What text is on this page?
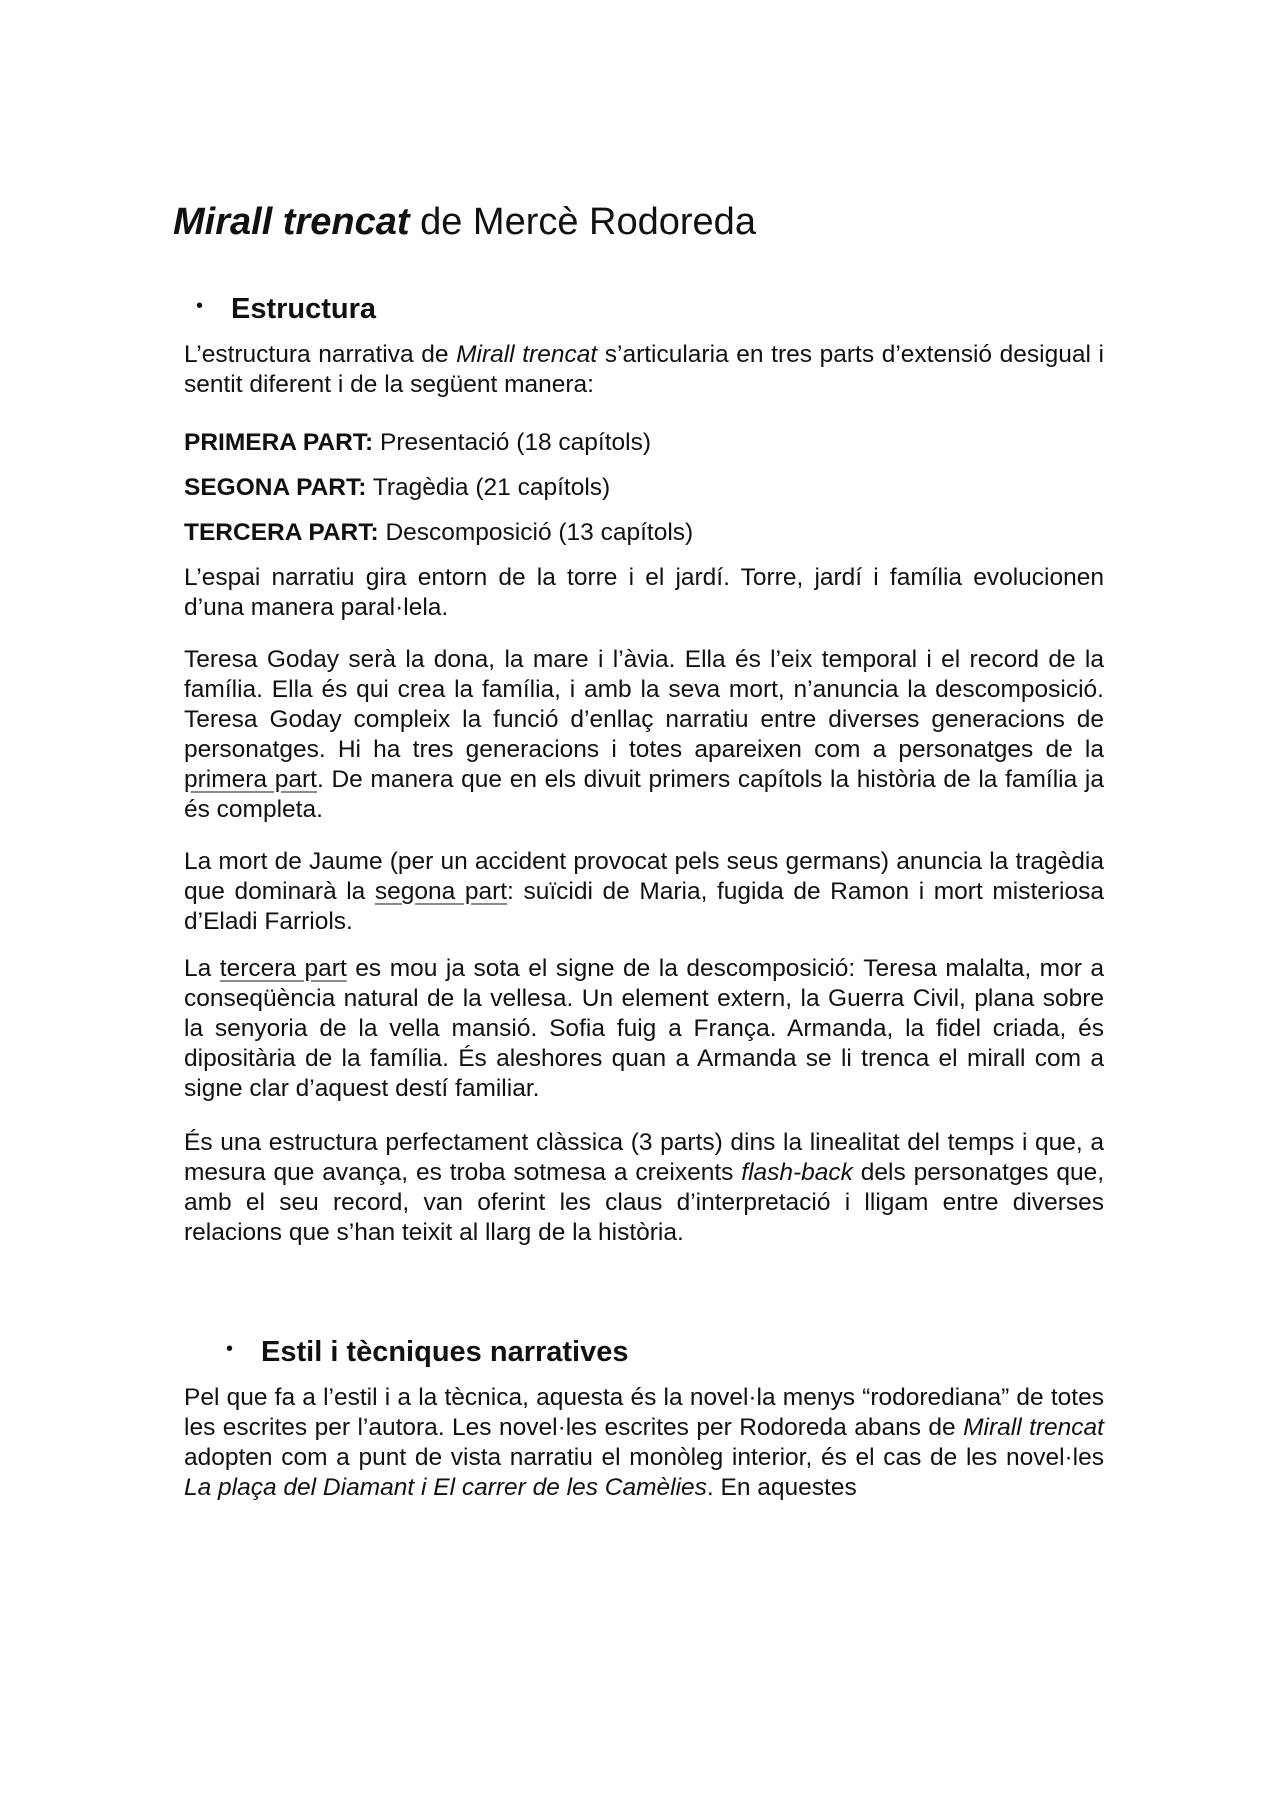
Mirall trencat de Mercè Rodoreda
• Estructura

L’estructura narrativa de Mirall trencat s’articularia en tres parts d’extensió desigual i sentit diferent i de la següent manera:

PRIMERA PART: Presentació (18 capítols)

SEGONA PART: Tragèdia (21 capítols)

TERCERA PART: Descomposició (13 capítols)

L’espai narratiu gira entorn de la torre i el jardí. Torre, jardí i família evolucionen d’una manera paral·lela.

Teresa Goday serà la dona, la mare i l’àvia. Ella és l’eix temporal i el record de la família. Ella és qui crea la família, i amb la seva mort, n’anuncia la descomposició. Teresa Goday compleix la funció d’enllaç narratiu entre diverses generacions de personatges. Hi ha tres generacions i totes apareixen com a personatges de la primera part. De manera que en els divuit primers capítols la història de la família ja és completa.

La mort de Jaume (per un accident provocat pels seus germans) anuncia la tragèdia que dominarà la segona part: suïcidi de Maria, fugida de Ramon i mort misteriosa d’Eladi Farriols.

La tercera part es mou ja sota el signe de la descomposició: Teresa malalta, mor a conseqüència natural de la vellesa. Un element extern, la Guerra Civil, plana sobre la senyoria de la vella mansió. Sofia fuig a França. Armanda, la fidel criada, és dipositària de la família. És aleshores quan a Armanda se li trenca el mirall com a signe clar d’aquest destí familiar.

És una estructura perfectament clàssica (3 parts) dins la linealitat del temps i que, a mesura que avança, es troba sotmesa a creixents flash-back dels personatges que, amb el seu record, van oferint les claus d’interpretació i lligam entre diverses relacions que s’han teixit al llarg de la història.

• Estil i tècniques narratives

Pel que fa a l’estil i a la tècnica, aquesta és la novel·la menys “rodorediana” de totes les escrites per l’autora. Les novel·les escrites per Rodoreda abans de Mirall trencat adopten com a punt de vista narratiu el monòleg interior, és el cas de les novel·les La plaça del Diamant i El carrer de les Camèlies. En aquestes
